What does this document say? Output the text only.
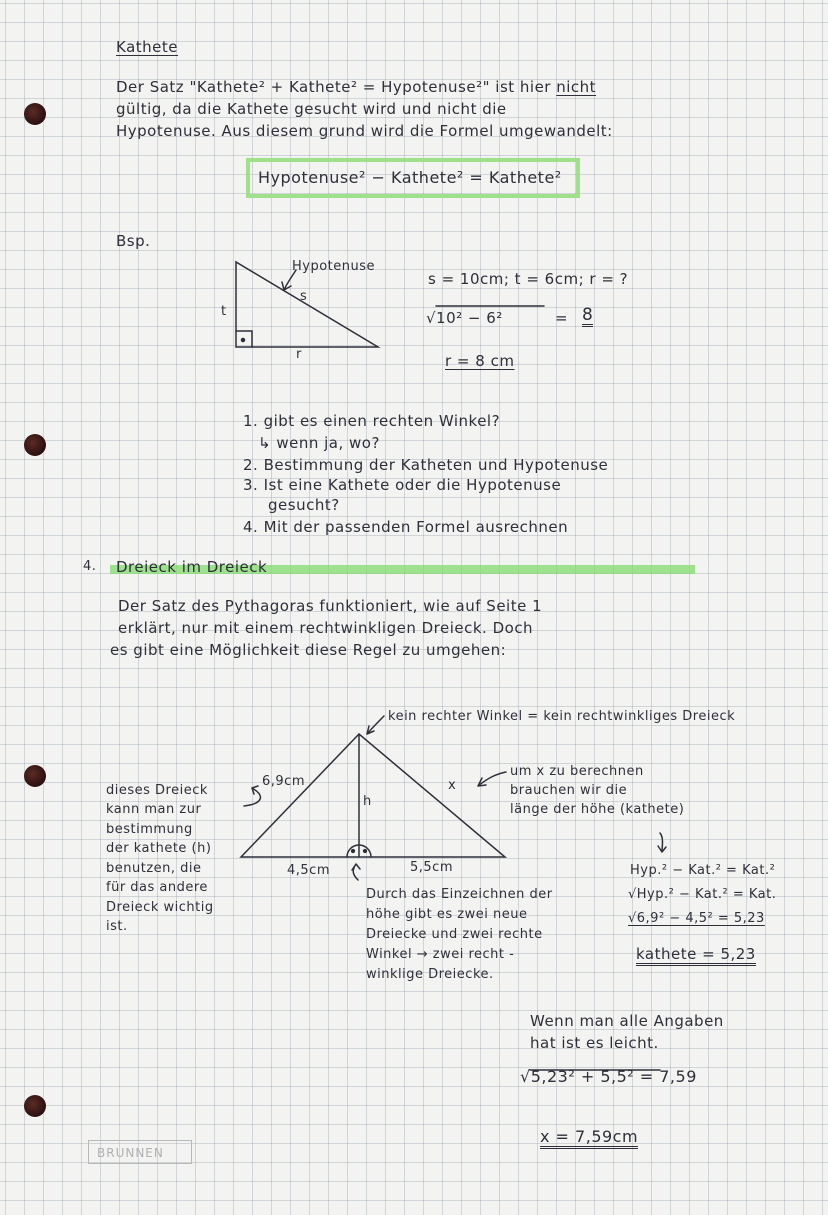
Kathete
Der Satz "Kathete² + Kathete² = Hypotenuse²" ist hier nicht
gültig, da die Kathete gesucht wird und nicht die
Hypotenuse. Aus diesem grund wird die Formel umgewandelt:
Hypotenuse² − Kathete² = Kathete²
Bsp.
Hypotenuse
s
t
r
s = 10cm; t = 6cm; r = ?
√10² − 6²	= 8
r = 8 cm
1. gibt es einen rechten Winkel?
↳ wenn ja, wo?
2. Bestimmung der Katheten und Hypotenuse
3. Ist eine Kathete oder die Hypotenuse
gesucht?
4. Mit der passenden Formel ausrechnen
4. Dreieck im Dreieck
Der Satz des Pythagoras funktioniert, wie auf Seite 1
erklärt, nur mit einem rechtwinkligen Dreieck. Doch
es gibt eine Möglichkeit diese Regel zu umgehen:
kein rechter Winkel = kein rechtwinkliges Dreieck
6,9cm
h
x
4,5cm	5,5cm
dieses Dreieck
kann man zur
bestimmung
der kathete (h)
benutzen, die
für das andere
Dreieck wichtig
ist.
um x zu berechnen
brauchen wir die
länge der höhe (kathete)
Durch das Einzeichnen der
höhe gibt es zwei neue
Dreiecke und zwei rechte
Winkel → zwei recht -
winklige Dreiecke.
Hyp.² − Kat.² = Kat.²
√Hyp.² − Kat.² = Kat.
√6,9² − 4,5² = 5,23
kathete = 5,23
Wenn man alle Angaben
hat ist es leicht.
√5,23² + 5,5² = 7,59
x = 7,59cm
BRUNNEN
